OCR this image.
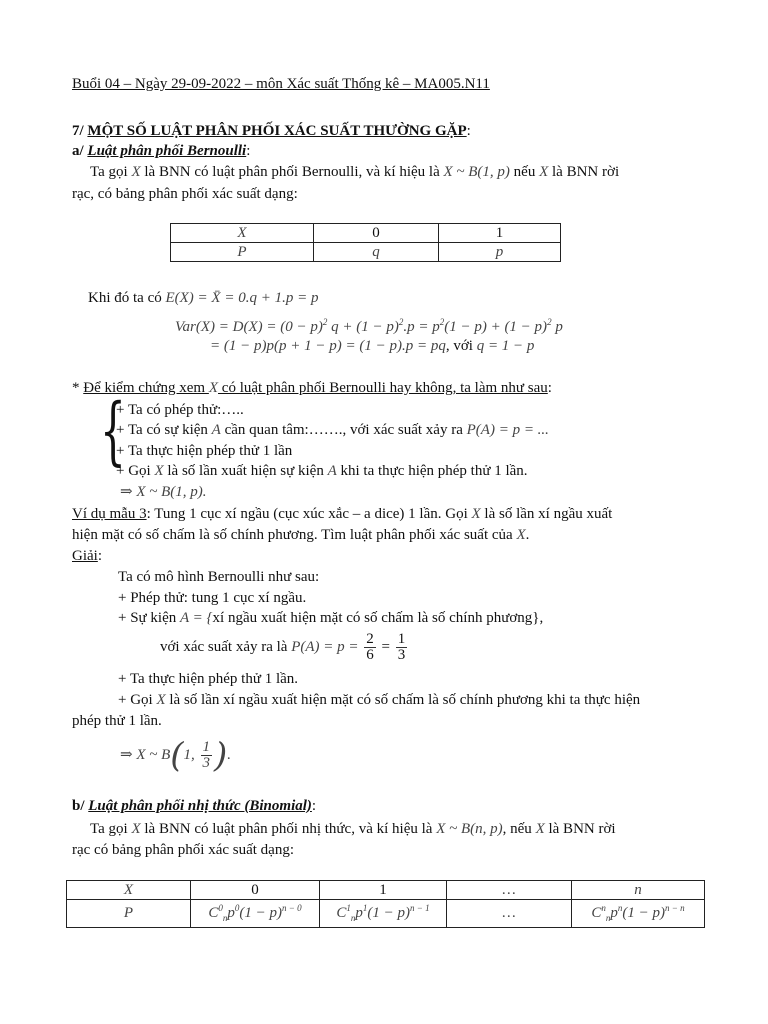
Buổi 04 – Ngày 29-09-2022 – môn Xác suất Thống kê – MA005.N11
7/ MỘT SỐ LUẬT PHÂN PHỐI XÁC SUẤT THƯỜNG GẶP:
a/ Luật phân phối Bernoulli:
Ta gọi X là BNN có luật phân phối Bernoulli, và kí hiệu là X ~ B(1, p) nếu X là BNN rời
rạc, có bảng phân phối xác suất dạng:
X	0	1
P	q	p
Khi đó ta có E(X) = X̄ = 0.q + 1.p = p
$Var(X) = D(X) = (0 - p)^2$ $q + (1 - p)^2.p = p^2(1 - p) + (1 - p)^2$ p
= (1 − p)p(p + 1 − p) = (1 − p).p = pq, với q = 1 − p
* Để kiểm chứng xem X có luật phân phối Bernoulli hay không, ta làm như sau:
{
+ Ta có phép thử:…..
+ Ta có sự kiện A cần quan tâm:……., với xác suất xảy ra P(A) = p = ...
+ Ta thực hiện phép thử 1 lần
+ Gọi X là số lần xuất hiện sự kiện A khi ta thực hiện phép thử 1 lần.
⇒ X ~ B(1, p).
Ví dụ mẫu 3: Tung 1 cục xí ngầu (cục xúc xắc – a dice) 1 lần. Gọi X là số lần xí ngầu xuất
hiện mặt có số chấm là số chính phương. Tìm luật phân phối xác suất của X.
Giải:
Ta có mô hình Bernoulli như sau:
+ Phép thử: tung 1 cục xí ngầu.
+ Sự kiện A = {xí ngầu xuất hiện mặt có số chấm là số chính phương},
với xác suất xảy ra là $P(A) = p = \frac{2}{6} = \frac{1}{3}$
+ Ta thực hiện phép thử 1 lần.
+ Gọi X là số lần xí ngầu xuất hiện mặt có số chấm là số chính phương khi ta thực hiện
phép thử 1 lần.
⇒ X ~ B(1, $\frac{1}{3}$ ).
b/ Luật phân phối nhị thức (Binomial):
Ta gọi X là BNN có luật phân phối nhị thức, và kí hiệu là X ~ B(n, p), nếu X là BNN rời
rạc có bảng phân phối xác suất dạng:
X	0	1	…	n
P	$C^0_np^0(1 - p)^{n - 0}$	$C^1_np^1(1 - p)^{n - 1}$	…	$C^n_np^n(1 - p)^{n - n}$
